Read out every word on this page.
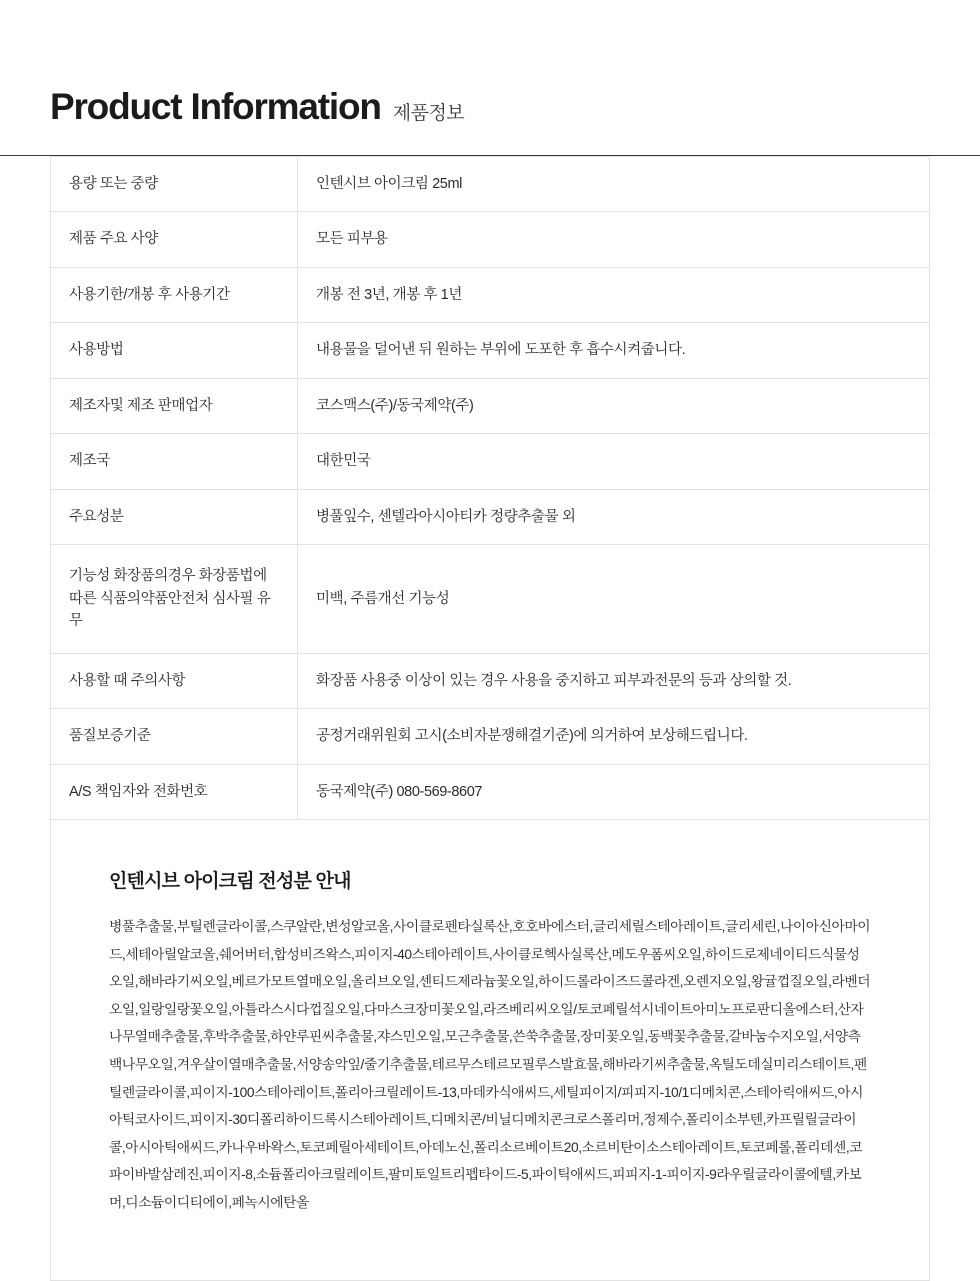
Product Information 제품정보
용량 또는 중량	인텐시브 아이크림 25ml
제품 주요 사양	모든 피부용
사용기한/개봉 후 사용기간	개봉 전 3년, 개봉 후 1년
사용방법	내용물을 덜어낸 뒤 원하는 부위에 도포한 후 흡수시켜줍니다.
제조자및 제조 판매업자	코스맥스(주)/동국제약(주)
제조국	대한민국
주요성분	병풀잎수, 센텔라아시아티카 정량추출물 외
기능성 화장품의경우 화장품법에 따른 식품의약품안전처 심사필 유무	미백, 주름개선 기능성
사용할 때 주의사항	화장품 사용중 이상이 있는 경우 사용을 중지하고 피부과전문의 등과 상의할 것.
품질보증기준	공정거래위원회 고시(소비자분쟁해결기준)에 의거하여 보상해드립니다.
A/S 책임자와 전화번호	동국제약(주) 080-569-8607
인텐시브 아이크림 전성분 안내

병풀추출물,부틸렌글라이콜,스쿠알란,변성알코올,사이클로펜타실록산,호호바에스터,글리세릴스테아레이트,글리세린,나이아신아마이드,세테아릴알코올,쉐어버터,합성비즈왁스,피이지-40스테아레이트,사이클로헥사실록산,메도우폼씨오일,하이드로제네이티드식물성오일,해바라기씨오일,베르가모트열매오일,올리브오일,센티드제라늄꽃오일,하이드롤라이즈드콜라겐,오렌지오일,왕귤껍질오일,라벤더오일,일랑일랑꽃오일,아틀라스시다껍질오일,다마스크장미꽃오일,라즈베리씨오일/토코페릴석시네이트아미노프로판디올에스터,산자나무열매추출물,후박추출물,하얀루핀씨추출물,쟈스민오일,모근추출물,쓴쑥추출물,장미꽃오일,동백꽃추출물,갈바눔수지오일,서양측백나무오일,겨우살이열매추출물,서양송악잎/줄기추출물,테르무스테르모필루스발효물,해바라기씨추출물,옥틸도데실미리스테이트,펜틸렌글라이콜,피이지-100스테아레이트,폴리아크릴레이트-13,마데카식애씨드,세틸피이지/피피지-10/1디메치콘,스테아릭애씨드,아시아틱코사이드,피이지-30디폴리하이드록시스테아레이트,디메치콘/비닐디메치콘크로스폴리머,정제수,폴리이소부텐,카프릴릴글라이콜,아시아틱애씨드,카나우바왁스,토코페릴아세테이트,아데노신,폴리소르베이트20,소르비탄이소스테아레이트,토코페롤,폴리데센,코파이바발삼레진,피이지-8,소듐폴리아크릴레이트,팔미토일트리펩타이드-5,파이틱애씨드,피피지-1-피이지-9라우릴글라이콜에텔,카보머,디소듐이디티에이,페녹시에탄올
